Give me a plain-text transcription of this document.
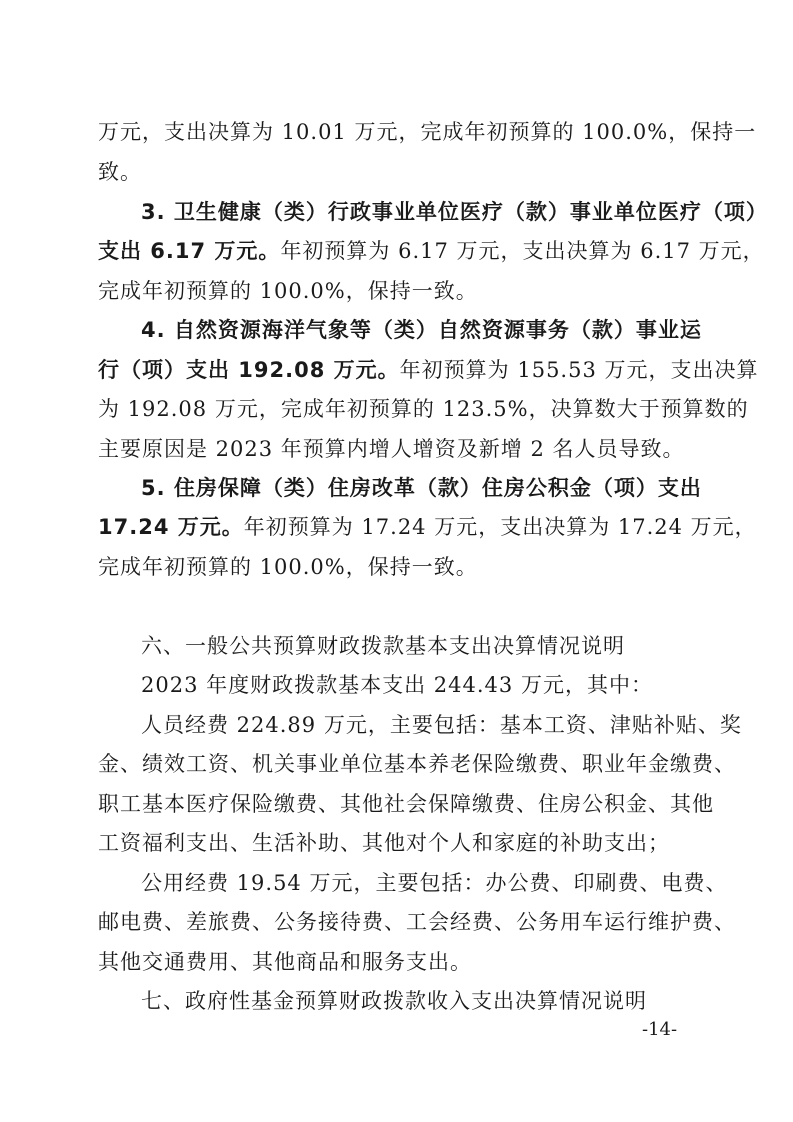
万元，支出决算为 10.01 万元，完成年初预算的 100.0%，保持一
致。
3. 卫生健康（类）行政事业单位医疗（款）事业单位医疗（项）
支出 6.17 万元。年初预算为 6.17 万元，支出决算为 6.17 万元，
完成年初预算的 100.0%，保持一致。
4. 自然资源海洋气象等（类）自然资源事务（款）事业运
行（项）支出 192.08 万元。年初预算为 155.53 万元，支出决算
为 192.08 万元，完成年初预算的 123.5%，决算数大于预算数的
主要原因是 2023 年预算内增人增资及新增 2 名人员导致。
5. 住房保障（类）住房改革（款）住房公积金（项）支出
17.24 万元。年初预算为 17.24 万元，支出决算为 17.24 万元，
完成年初预算的 100.0%，保持一致。
六、一般公共预算财政拨款基本支出决算情况说明
2023 年度财政拨款基本支出 244.43 万元，其中：
人员经费 224.89 万元，主要包括：基本工资、津贴补贴、奖
金、绩效工资、机关事业单位基本养老保险缴费、职业年金缴费、
职工基本医疗保险缴费、其他社会保障缴费、住房公积金、其他
工资福利支出、生活补助、其他对个人和家庭的补助支出；
公用经费 19.54 万元，主要包括：办公费、印刷费、电费、
邮电费、差旅费、公务接待费、工会经费、公务用车运行维护费、
其他交通费用、其他商品和服务支出。
-14-
七、政府性基金预算财政拨款收入支出决算情况说明
